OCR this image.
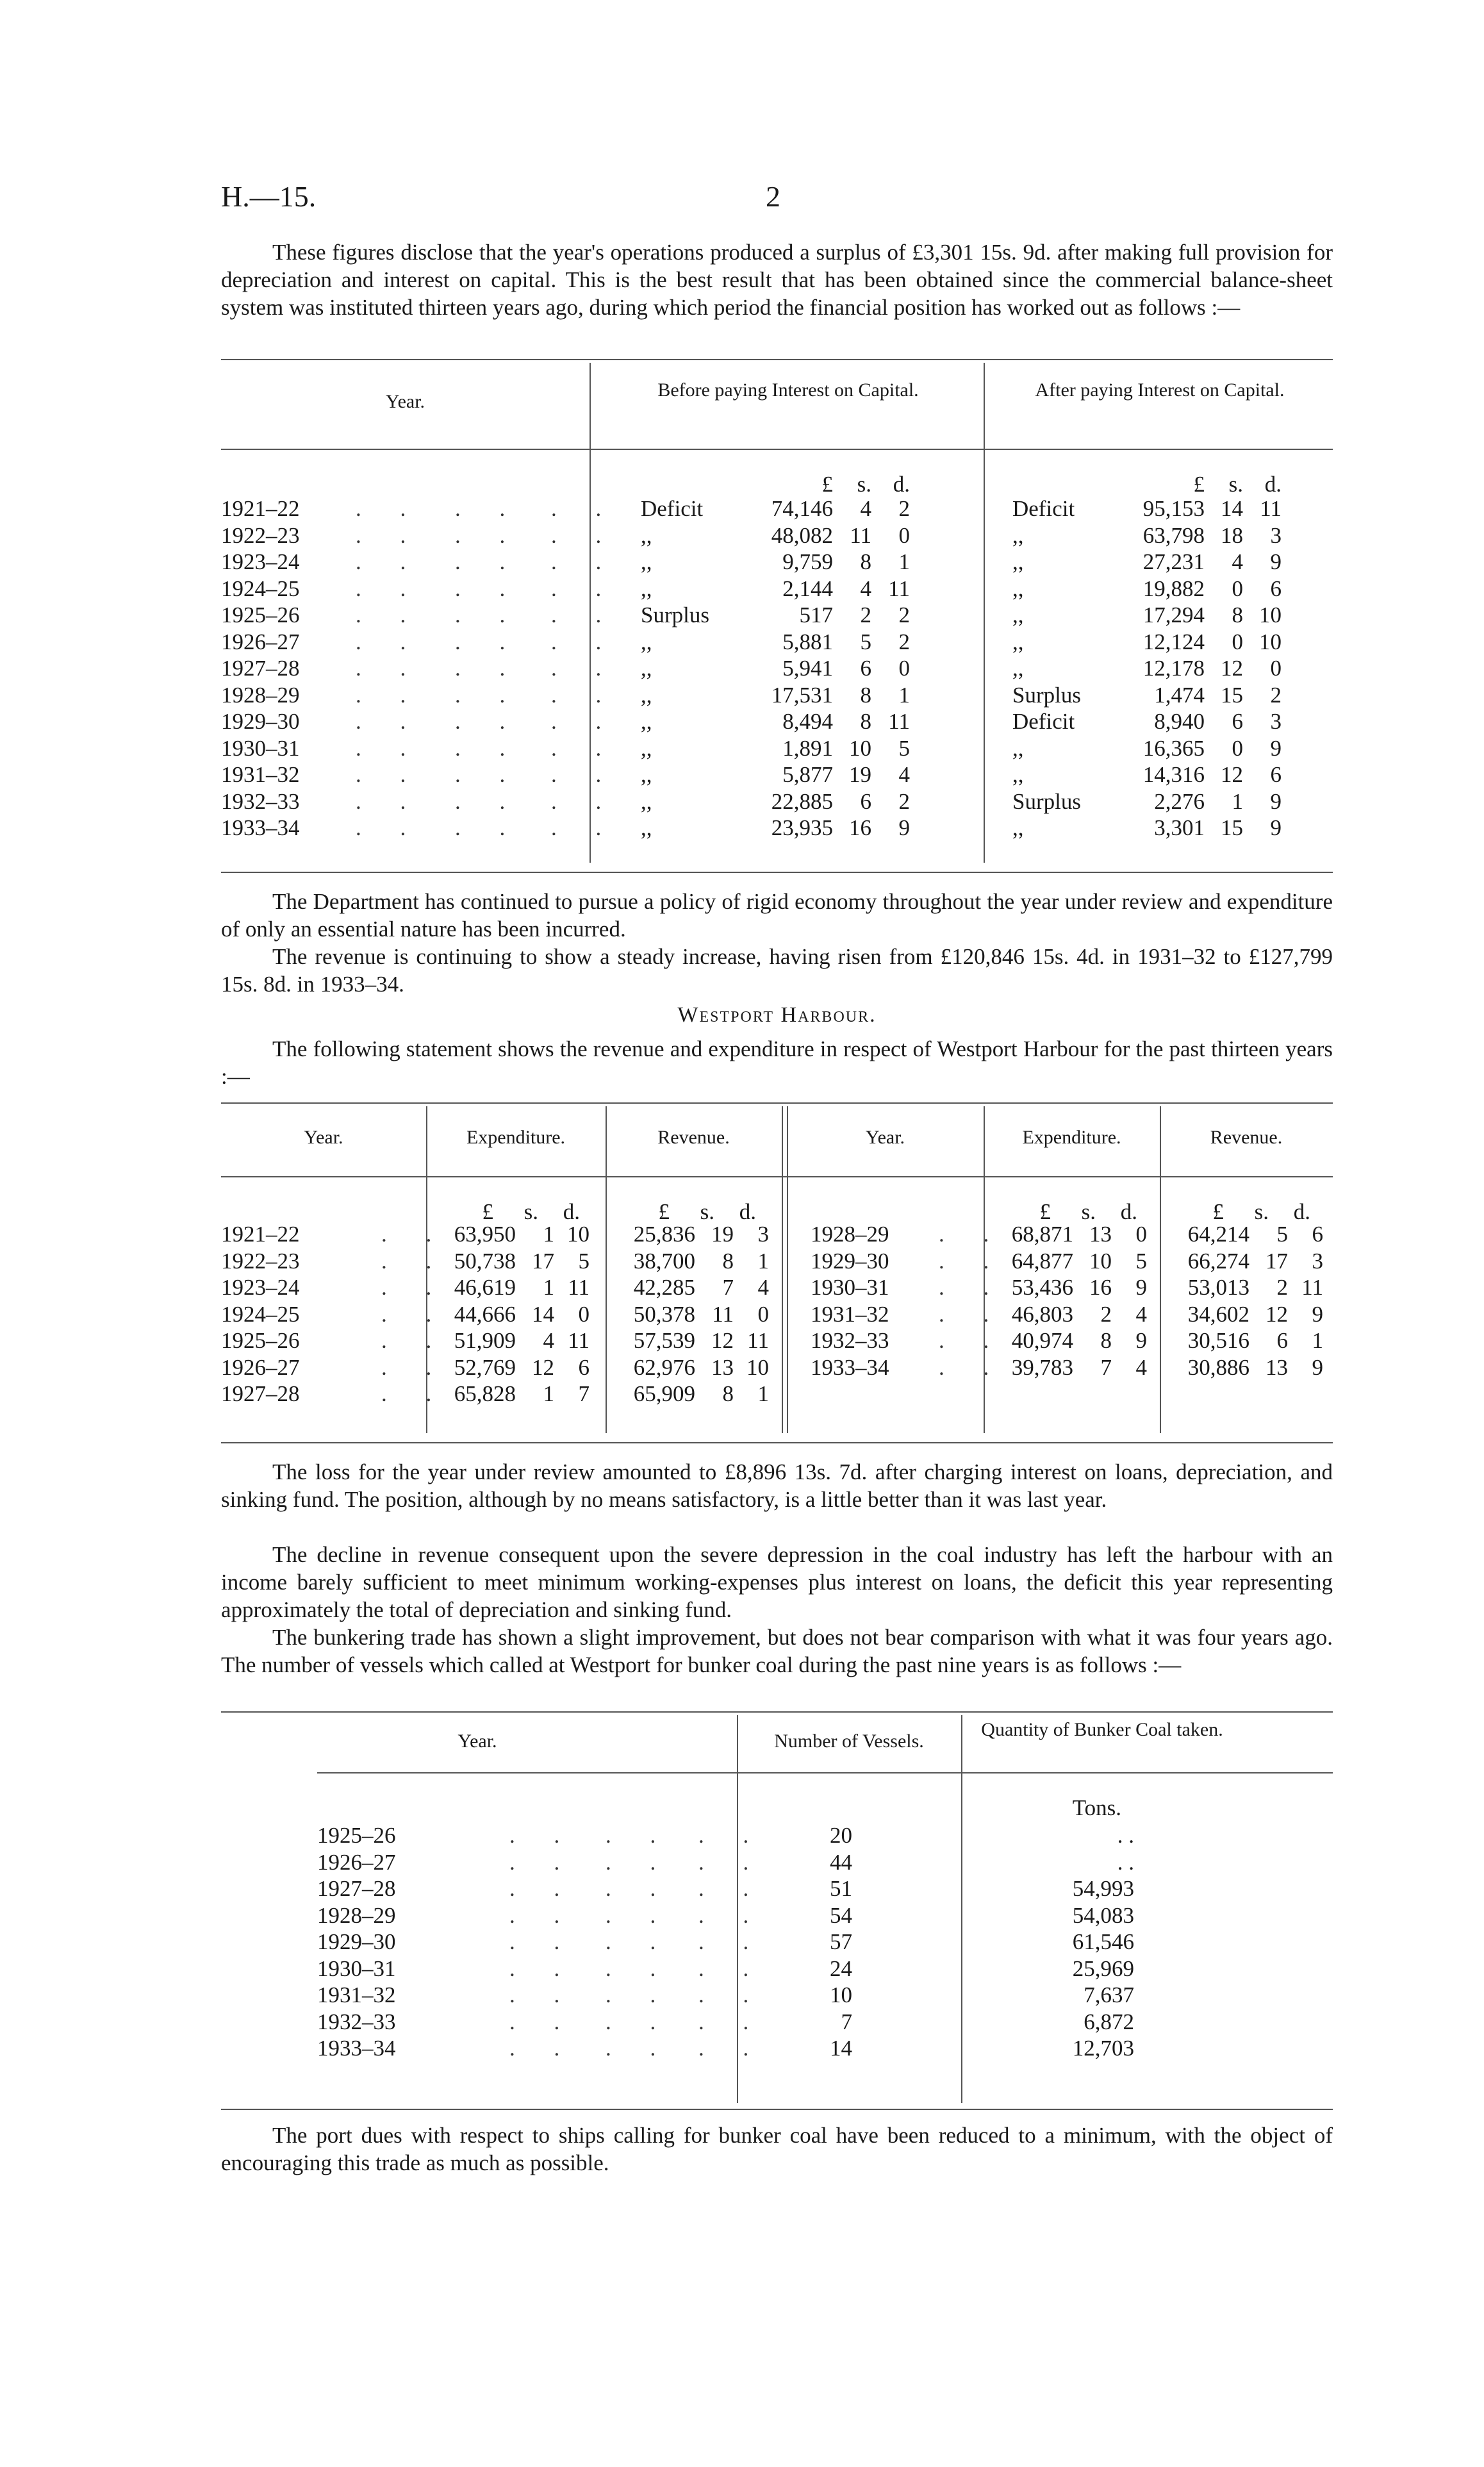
H.—15.	2
These figures disclose that the year's operations produced a surplus of £3,301 15s. 9d. after making full provision for depreciation and interest on capital. This is the best result that has been obtained since the commercial balance-sheet system was instituted thirteen years ago, during which period the financial position has worked out as follows :—
Year.
Before paying Interest on Capital.	After paying Interest on Capital.
£	s. d.	£	s. d.
1921–22	. . . . . . Deficit	74,146	4	2	Deficit	95,153 14 11
1922–23	. . . . . . ,,	48,082 11	0	,,	63,798 18	3
1923–24	. . . . . . ,,	9,759	8	1	,,	27,231	4	9
1924–25	. . . . . . ,,	2,144	4 11	,,	19,882	0	6
1925–26	. . . . . . Surplus	517	2	2	,,	17,294	8 10
1926–27	. . . . . . ,,	5,881	5	2	,,	12,124	0 10
1927–28	. . . . . . ,,	5,941	6	0	,,	12,178 12	0
1928–29	. . . . . . ,,	17,531	8	1	Surplus	1,474 15	2
1929–30	. . . . . . ,,	8,494	8 11	Deficit	8,940	6	3
1930–31	. . . . . . ,,	1,891 10	5	,,	16,365	0	9
1931–32	. . . . . . ,,	5,877 19	4	,,	14,316 12	6
1932–33	. . . . . . ,,	22,885	6	2	Surplus	2,276	1	9
1933–34	. . . . . . ,,	23,935 16	9	,,	3,301 15	9
The Department has continued to pursue a policy of rigid economy throughout the year under review and expenditure of only an essential nature has been incurred.
The revenue is continuing to show a steady increase, having risen from £120,846 15s. 4d. in 1931–32 to £127,799 15s. 8d. in 1933–34.
Westport Harbour.
The following statement shows the revenue and expenditure in respect of Westport Harbour for the past thirteen years :—
Year.	Expenditure.	Revenue.	Year.	Expenditure.	Revenue.
£	s.	d.	£	s.	d.	£	s.	d.	£	s.	d.
1921–22	. . 63,950	1 10	25,836 19	3
1922–23	. . 50,738 17	5	38,700	8	1
1923–24	. . 46,619	1 11	42,285	7	4
1924–25	. . 44,666 14	0	50,378 11	0
1925–26	. . 51,909	4 11	57,539 12 11
1926–27	. . 52,769 12	6	62,976 13 10
1927–28	. . 65,828	1	7	65,909	8	1
1928–29 . . 68,871 13	0	64,214	5	6
1929–30 . . 64,877 10	5	66,274 17	3
1930–31 . . 53,436 16	9	53,013	2 11
1931–32 . . 46,803	2	4	34,602 12	9
1932–33 . . 40,974	8	9	30,516	6	1
1933–34 . . 39,783	7	4	30,886 13	9
The loss for the year under review amounted to £8,896 13s. 7d. after charging interest on loans, depreciation, and sinking fund. The position, although by no means satisfactory, is a little better than it was last year.
The decline in revenue consequent upon the severe depression in the coal industry has left the harbour with an income barely sufficient to meet minimum working-expenses plus interest on loans, the deficit this year representing approximately the total of depreciation and sinking fund.
The bunkering trade has shown a slight improvement, but does not bear comparison with what it was four years ago. The number of vessels which called at Westport for bunker coal during the past nine years is as follows :—
Year.	Number of Vessels.
Quantity of Bunker Coal taken.
Tons.
1925–26	. . . . . .	20	. .
1926–27	. . . . . .	44	. .
1927–28	. . . . . .	51	54,993
1928–29	. . . . . .	54	54,083
1929–30	. . . . . .	57	61,546
1930–31	. . . . . .	24	25,969
1931–32	. . . . . .	10	7,637
1932–33	. . . . . .	7	6,872
1933–34	. . . . . .	14	12,703
The port dues with respect to ships calling for bunker coal have been reduced to a minimum, with the object of encouraging this trade as much as possible.
